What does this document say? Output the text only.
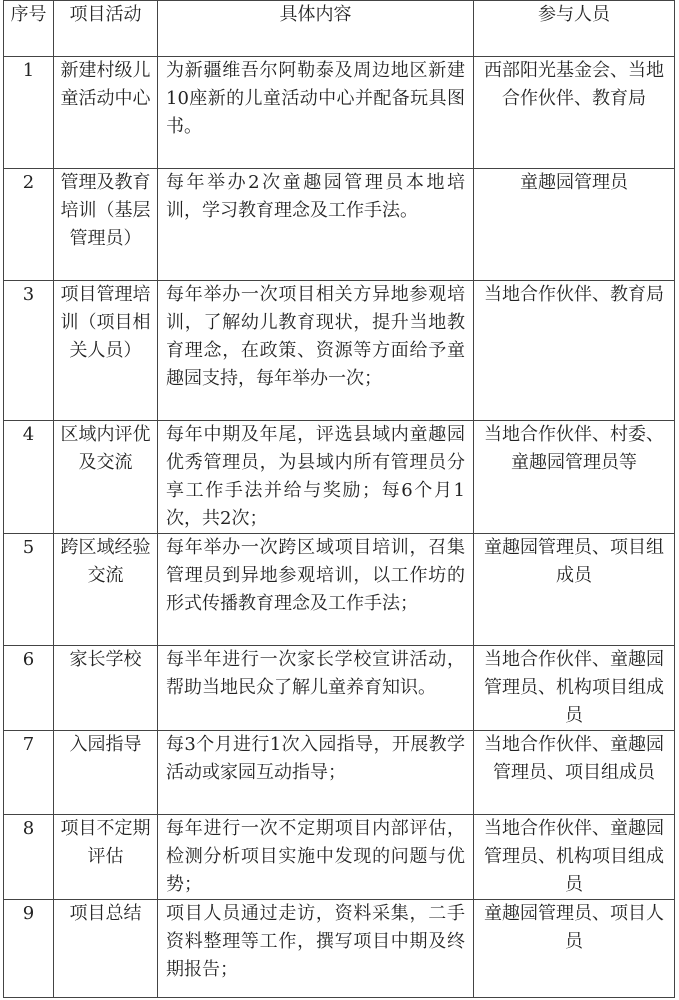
序号	项目活动	具体内容	参与人员
1	新建村级儿童活动中心	为新疆维吾尔阿勒泰及周边地区新建10座新的儿童活动中心并配备玩具图书。	西部阳光基金会、当地合作伙伴、教育局
2	管理及教育培训（基层管理员）	每年举办2次童趣园管理员本地培训，学习教育理念及工作手法。	童趣园管理员
3	项目管理培训（项目相关人员）	每年举办一次项目相关方异地参观培训，了解幼儿教育现状，提升当地教育理念，在政策、资源等方面给予童趣园支持，每年举办一次；	当地合作伙伴、教育局
4	区域内评优及交流	每年中期及年尾，评选县域内童趣园优秀管理员，为县域内所有管理员分享工作手法并给与奖励；每6个月1次，共2次；	当地合作伙伴、村委、童趣园管理员等
5	跨区域经验交流	每年举办一次跨区域项目培训，召集管理员到异地参观培训，以工作坊的形式传播教育理念及工作手法；	童趣园管理员、项目组成员
6	家长学校	每半年进行一次家长学校宣讲活动，帮助当地民众了解儿童养育知识。	当地合作伙伴、童趣园管理员、机构项目组成员
7	入园指导	每3个月进行1次入园指导，开展教学活动或家园互动指导；	当地合作伙伴、童趣园管理员、项目组成员
8	项目不定期评估	每年进行一次不定期项目内部评估，检测分析项目实施中发现的问题与优势；	当地合作伙伴、童趣园管理员、机构项目组成员
9	项目总结	项目人员通过走访，资料采集，二手资料整理等工作，撰写项目中期及终期报告；	童趣园管理员、项目人员
